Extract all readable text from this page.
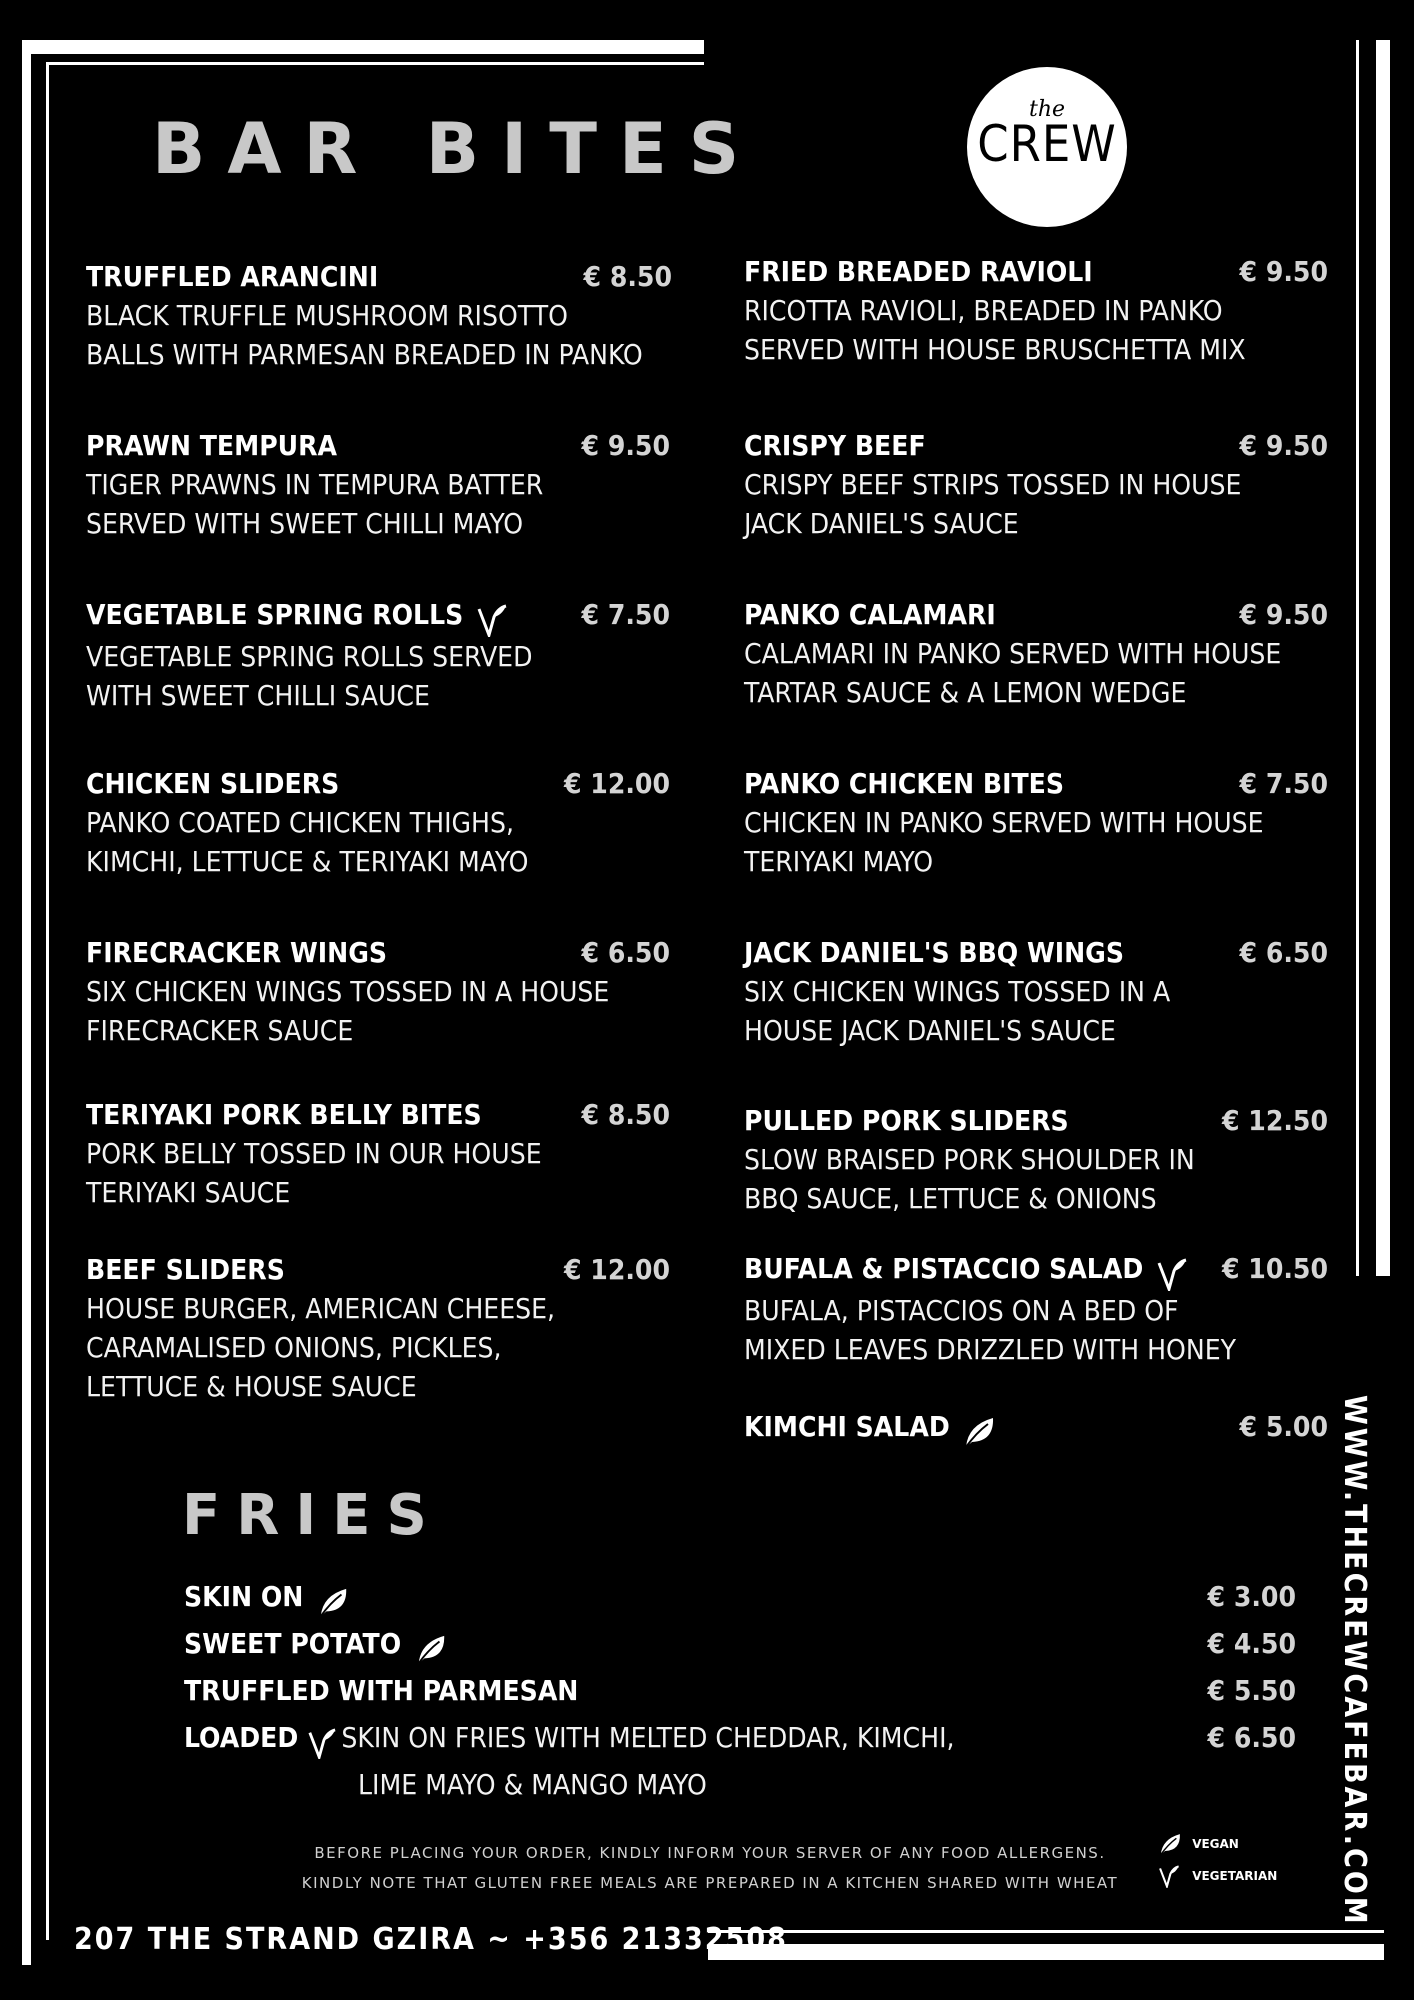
BAR BITES	the
CREW
TRUFFLED ARANCINI	€ 8.50
BLACK TRUFFLE MUSHROOM RISOTTO
BALLS WITH PARMESAN BREADED IN PANKO
PRAWN TEMPURA	€ 9.50
TIGER PRAWNS IN TEMPURA BATTER
SERVED WITH SWEET CHILLI MAYO
VEGETABLE SPRING ROLLS	€ 7.50
VEGETABLE SPRING ROLLS SERVED
WITH SWEET CHILLI SAUCE
CHICKEN SLIDERS	€ 12.00
PANKO COATED CHICKEN THIGHS,
KIMCHI, LETTUCE & TERIYAKI MAYO
FIRECRACKER WINGS	€ 6.50
SIX CHICKEN WINGS TOSSED IN A HOUSE
FIRECRACKER SAUCE
TERIYAKI PORK BELLY BITES	€ 8.50
PORK BELLY TOSSED IN OUR HOUSE
TERIYAKI SAUCE
BEEF SLIDERS	€ 12.00
HOUSE BURGER, AMERICAN CHEESE,
CARAMALISED ONIONS, PICKLES,
LETTUCE & HOUSE SAUCE
FRIED BREADED RAVIOLI	€ 9.50
RICOTTA RAVIOLI, BREADED IN PANKO
SERVED WITH HOUSE BRUSCHETTA MIX
CRISPY BEEF	€ 9.50
CRISPY BEEF STRIPS TOSSED IN HOUSE
JACK DANIEL'S SAUCE
PANKO CALAMARI	€ 9.50
CALAMARI IN PANKO SERVED WITH HOUSE
TARTAR SAUCE & A LEMON WEDGE
PANKO CHICKEN BITES	€ 7.50
CHICKEN IN PANKO SERVED WITH HOUSE
TERIYAKI MAYO
JACK DANIEL'S BBQ WINGS	€ 6.50
SIX CHICKEN WINGS TOSSED IN A
HOUSE JACK DANIEL'S SAUCE
PULLED PORK SLIDERS	€ 12.50
SLOW BRAISED PORK SHOULDER IN
BBQ SAUCE, LETTUCE & ONIONS
BUFALA & PISTACCIO SALAD	€ 10.50
BUFALA, PISTACCIOS ON A BED OF
MIXED LEAVES DRIZZLED WITH HONEY
KIMCHI SALAD	€ 5.00
FRIES
SKIN ON	€ 3.00
SWEET POTATO	€ 4.50
TRUFFLED WITH PARMESAN	€ 5.50
LOADED SKIN ON FRIES WITH MELTED CHEDDAR, KIMCHI,	€ 6.50
LIME MAYO & MANGO MAYO
BEFORE PLACING YOUR ORDER, KINDLY INFORM YOUR SERVER OF ANY FOOD ALLERGENS.
KINDLY NOTE THAT GLUTEN FREE MEALS ARE PREPARED IN A KITCHEN SHARED WITH WHEAT
VEGAN
VEGETARIAN
207 THE STRAND GZIRA ~ +356 21332508
WWW.THECREWCAFEBAR.COM
